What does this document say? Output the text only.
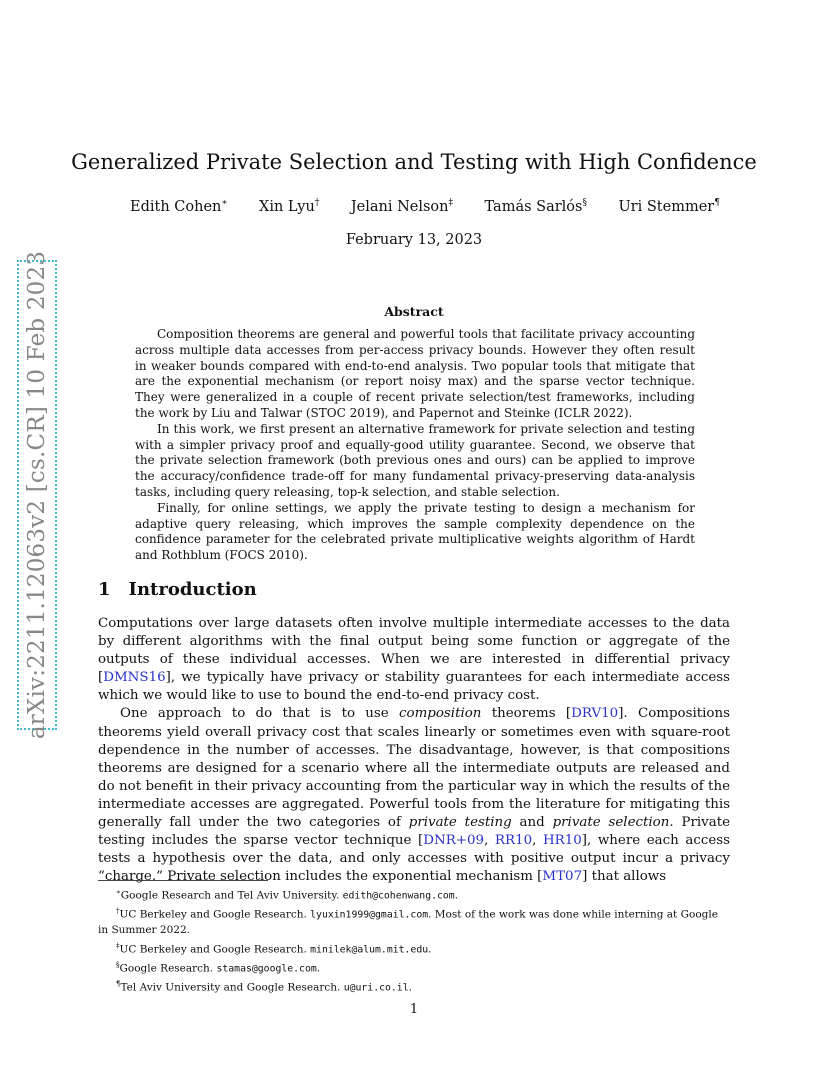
arXiv:2211.12063v2 [cs.CR] 10 Feb 2023
Generalized Private Selection and Testing with High Confidence
Edith Cohen∗ Xin Lyu† Jelani Nelson‡ Tamás Sarlós§ Uri Stemmer¶
February 13, 2023
Abstract

Composition theorems are general and powerful tools that facilitate privacy accounting across multiple data accesses from per-access privacy bounds. However they often result in weaker bounds compared with end-to-end analysis. Two popular tools that mitigate that are the exponential mechanism (or report noisy max) and the sparse vector technique. They were generalized in a couple of recent private selection/test frameworks, including the work by Liu and Talwar (STOC 2019), and Papernot and Steinke (ICLR 2022).

In this work, we first present an alternative framework for private selection and testing with a simpler privacy proof and equally-good utility guarantee. Second, we observe that the private selection framework (both previous ones and ours) can be applied to improve the accuracy/confidence trade-off for many fundamental privacy-preserving data-analysis tasks, including query releasing, top-k selection, and stable selection.

Finally, for online settings, we apply the private testing to design a mechanism for adaptive query releasing, which improves the sample complexity dependence on the confidence parameter for the celebrated private multiplicative weights algorithm of Hardt and Rothblum (FOCS 2010).

1 Introduction

Computations over large datasets often involve multiple intermediate accesses to the data by different algorithms with the final output being some function or aggregate of the outputs of these individual accesses. When we are interested in differential privacy [DMNS16], we typically have privacy or stability guarantees for each intermediate access which we would like to use to bound the end-to-end privacy cost.

One approach to do that is to use composition theorems [DRV10]. Compositions theorems yield overall privacy cost that scales linearly or sometimes even with square-root dependence in the number of accesses. The disadvantage, however, is that compositions theorems are designed for a scenario where all the intermediate outputs are released and do not benefit in their privacy accounting from the particular way in which the results of the intermediate accesses are aggregated. Powerful tools from the literature for mitigating this generally fall under the two categories of private testing and private selection. Private testing includes the sparse vector technique [DNR+09, RR10, HR10], where each access tests a hypothesis over the data, and only accesses with positive output incur a privacy “charge.” Private selection includes the exponential mechanism [MT07] that allows

∗Google Research and Tel Aviv University. edith@cohenwang.com.
†UC Berkeley and Google Research. lyuxin1999@gmail.com. Most of the work was done while interning at Google in Summer 2022.
‡UC Berkeley and Google Research. minilek@alum.mit.edu.
§Google Research. stamas@google.com.
¶Tel Aviv University and Google Research. u@uri.co.il.
1
